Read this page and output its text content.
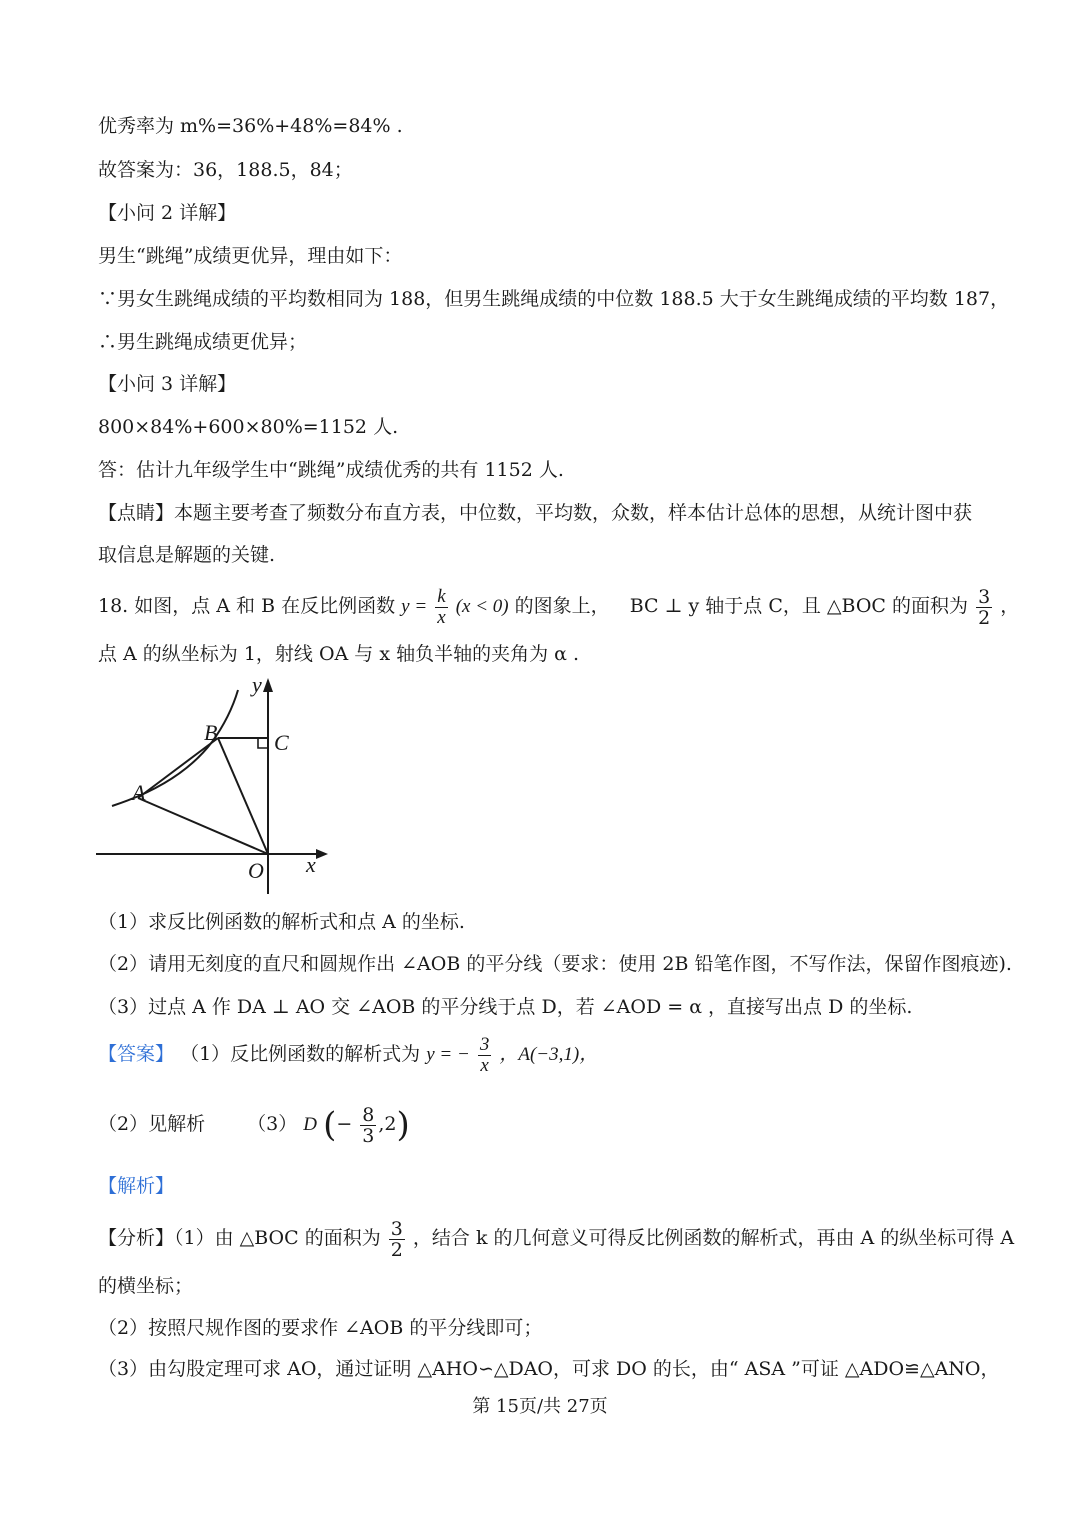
优秀率为 m%=36%+48%=84% .
故答案为：36，188.5，84；
【小问 2 详解】
男生“跳绳”成绩更优异，理由如下：
∵男女生跳绳成绩的平均数相同为 188，但男生跳绳成绩的中位数 188.5 大于女生跳绳成绩的平均数 187，
∴男生跳绳成绩更优异；
【小问 3 详解】
800×84%+600×80%=1152 人.
答：估计九年级学生中“跳绳”成绩优秀的共有 1152 人.
【点睛】本题主要考查了频数分布直方表，中位数，平均数，众数，样本估计总体的思想，从统计图中获
取信息是解题的关键.
18. 如图，点 A 和 B 在反比例函数 $y = \frac{k}{x} (x < 0)$ 的图象上， BC ⊥ y 轴于点 C，且 △BOC 的面积为 $\frac{3}{2}$ ，
点 A 的纵坐标为 1，射线 OA 与 x 轴负半轴的夹角为 α .
y
x
O
A
B	C
（1）求反比例函数的解析式和点 A 的坐标.
（2）请用无刻度的直尺和圆规作出 ∠AOB 的平分线（要求：使用 2B 铅笔作图，不写作法，保留作图痕迹).
（3）过点 A 作 DA ⊥ AO 交 ∠AOB 的平分线于点 D，若 ∠AOD = α ，直接写出点 D 的坐标.
【答案】 （1）反比例函数的解析式为 y = − $\frac{3}{x}$ ，A(−3,1)，
（2）见解析 （3） D (− $\frac{8}{3} ,2$)
【解析】
【分析】（1）由 △BOC 的面积为 $\frac{3}{2}$ ，结合 k 的几何意义可得反比例函数的解析式，再由 A 的纵坐标可得 A
的横坐标；
（2）按照尺规作图的要求作 ∠AOB 的平分线即可；
（3）由勾股定理可求 AO，通过证明 △AHO∽△DAO，可求 DO 的长，由“ ASA ”可证 △ADO≌△ANO，
第 15页/共 27页
